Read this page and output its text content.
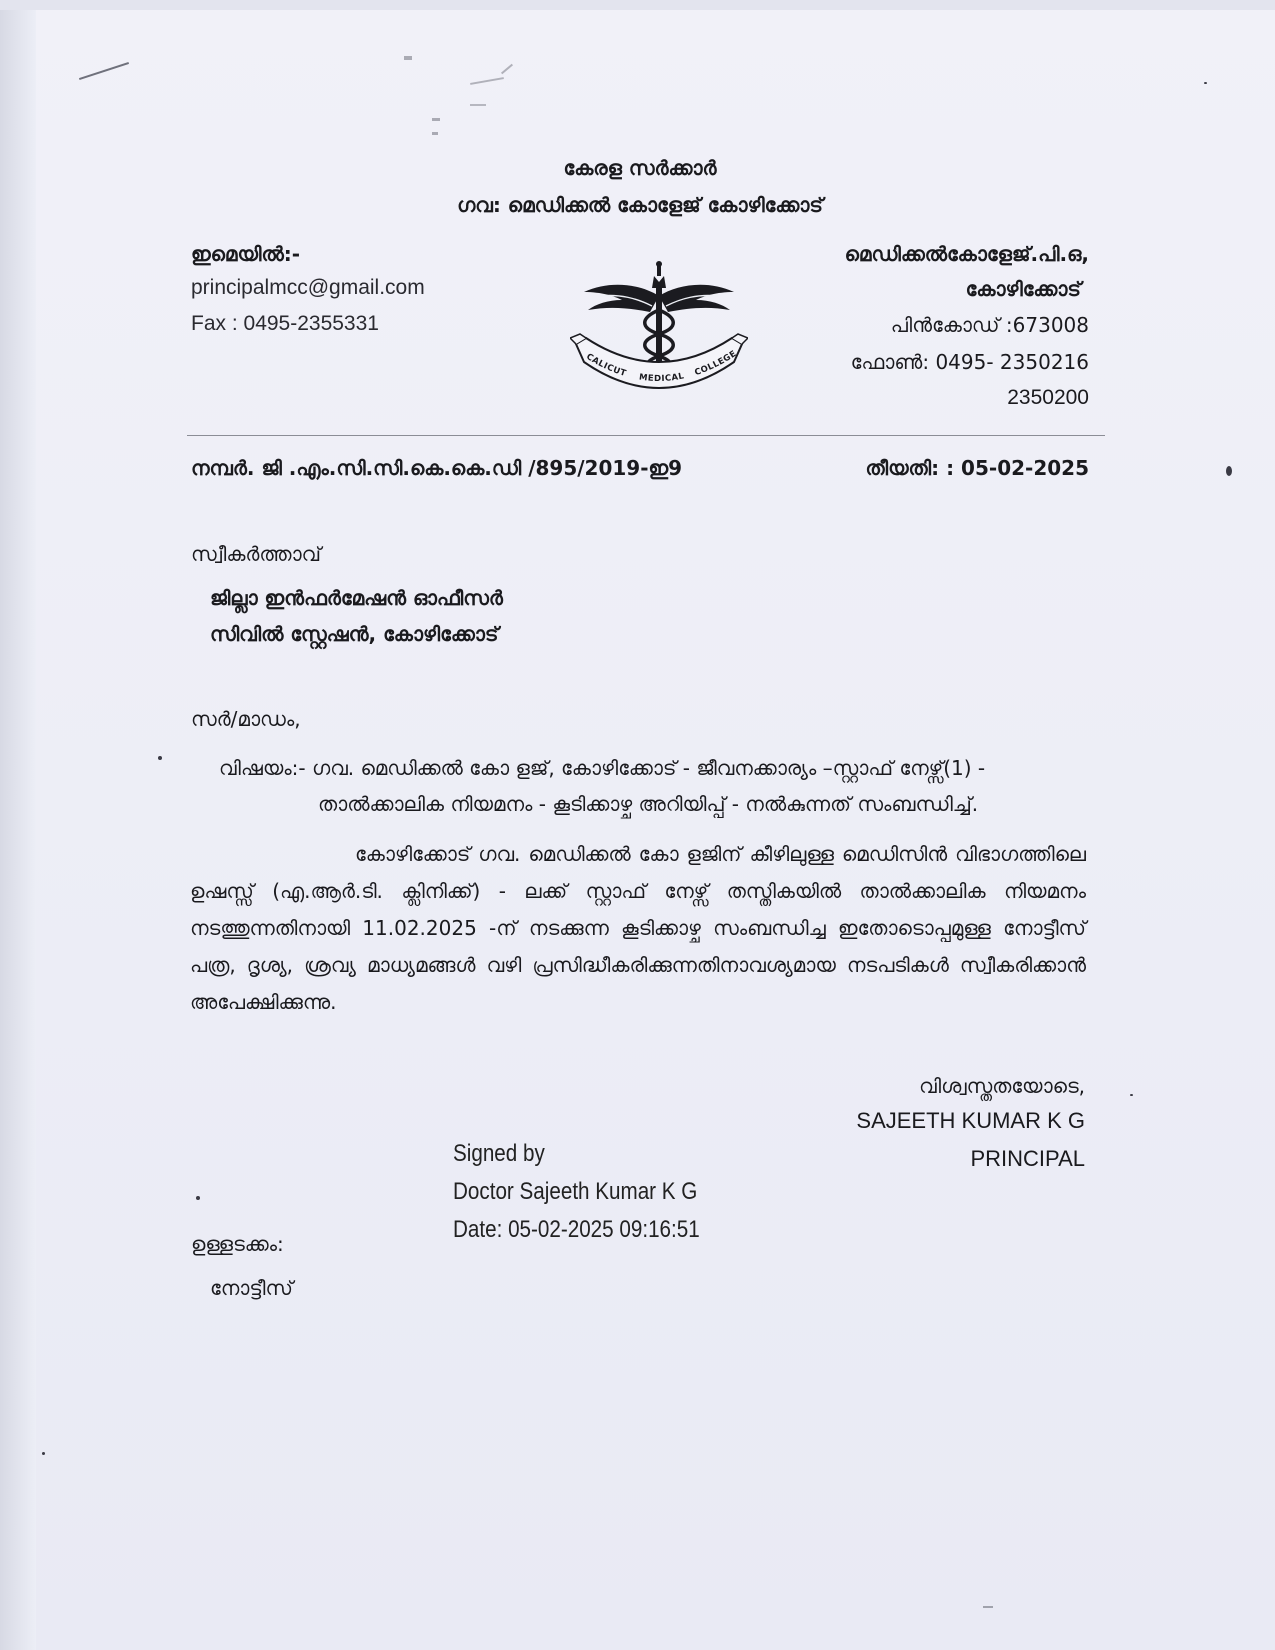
കേരള സർക്കാർ
ഗവ: മെഡിക്കൽ കോളേജ് കോഴിക്കോട്
ഇമെയിൽ:-
principalmcc@gmail.com
Fax : 0495-2355331
CALICUT MEDICAL COLLEGE
മെഡിക്കൽകോളേജ്.പി.ഒ,
കോഴിക്കോട്
പിൻകോഡ് :673008
ഫോൺ: 0495- 2350216
2350200
നമ്പർ. ജി .എം.സി.സി.കെ.കെ.ഡി /895/2019-ഇ9	തീയതി: : 05-02-2025
സ്വീകർത്താവ്
ജില്ലാ ഇൻഫർമേഷൻ ഓഫീസർ
സിവിൽ സ്റ്റേഷൻ, കോഴിക്കോട്
സർ/മാഡം,
വിഷയം:- ഗവ. മെഡിക്കൽ കോ ളജ്, കോഴിക്കോട് - ജീവനക്കാര്യം –സ്റ്റാഫ് നേഴ്സ്(1) -
താൽക്കാലിക നിയമനം - കൂടിക്കാഴ്ച അറിയിപ്പ് - നൽകുന്നത് സംബന്ധിച്ച്.
കോഴിക്കോട് ഗവ. മെഡിക്കൽ കോ ളജിന് കീഴിലുള്ള മെഡിസിൻ വിഭാഗത്തിലെ ഉഷസ്സ് (എ.ആർ.ടി. ക്ലിനിക്ക്) - ലക്ക് സ്റ്റാഫ് നേഴ്സ് തസ്തികയിൽ താൽക്കാലിക നിയമനം നടത്തുന്നതിനായി 11.02.2025 -ന് നടക്കുന്ന കൂടിക്കാഴ്ച സംബന്ധിച്ച ഇതോടൊപ്പമുള്ള നോട്ടീസ് പത്ര, ദൃശ്യ, ശ്രവ്യ മാധ്യമങ്ങൾ വഴി പ്രസിദ്ധീകരിക്കുന്നതിനാവശ്യമായ നടപടികൾ സ്വീകരിക്കാൻ അപേക്ഷിക്കുന്നു.
വിശ്വസ്തതയോടെ,
SAJEETH KUMAR K G
PRINCIPAL
Signed by
Doctor Sajeeth Kumar K G
Date: 05-02-2025 09:16:51
ഉള്ളടക്കം:
നോട്ടീസ്
